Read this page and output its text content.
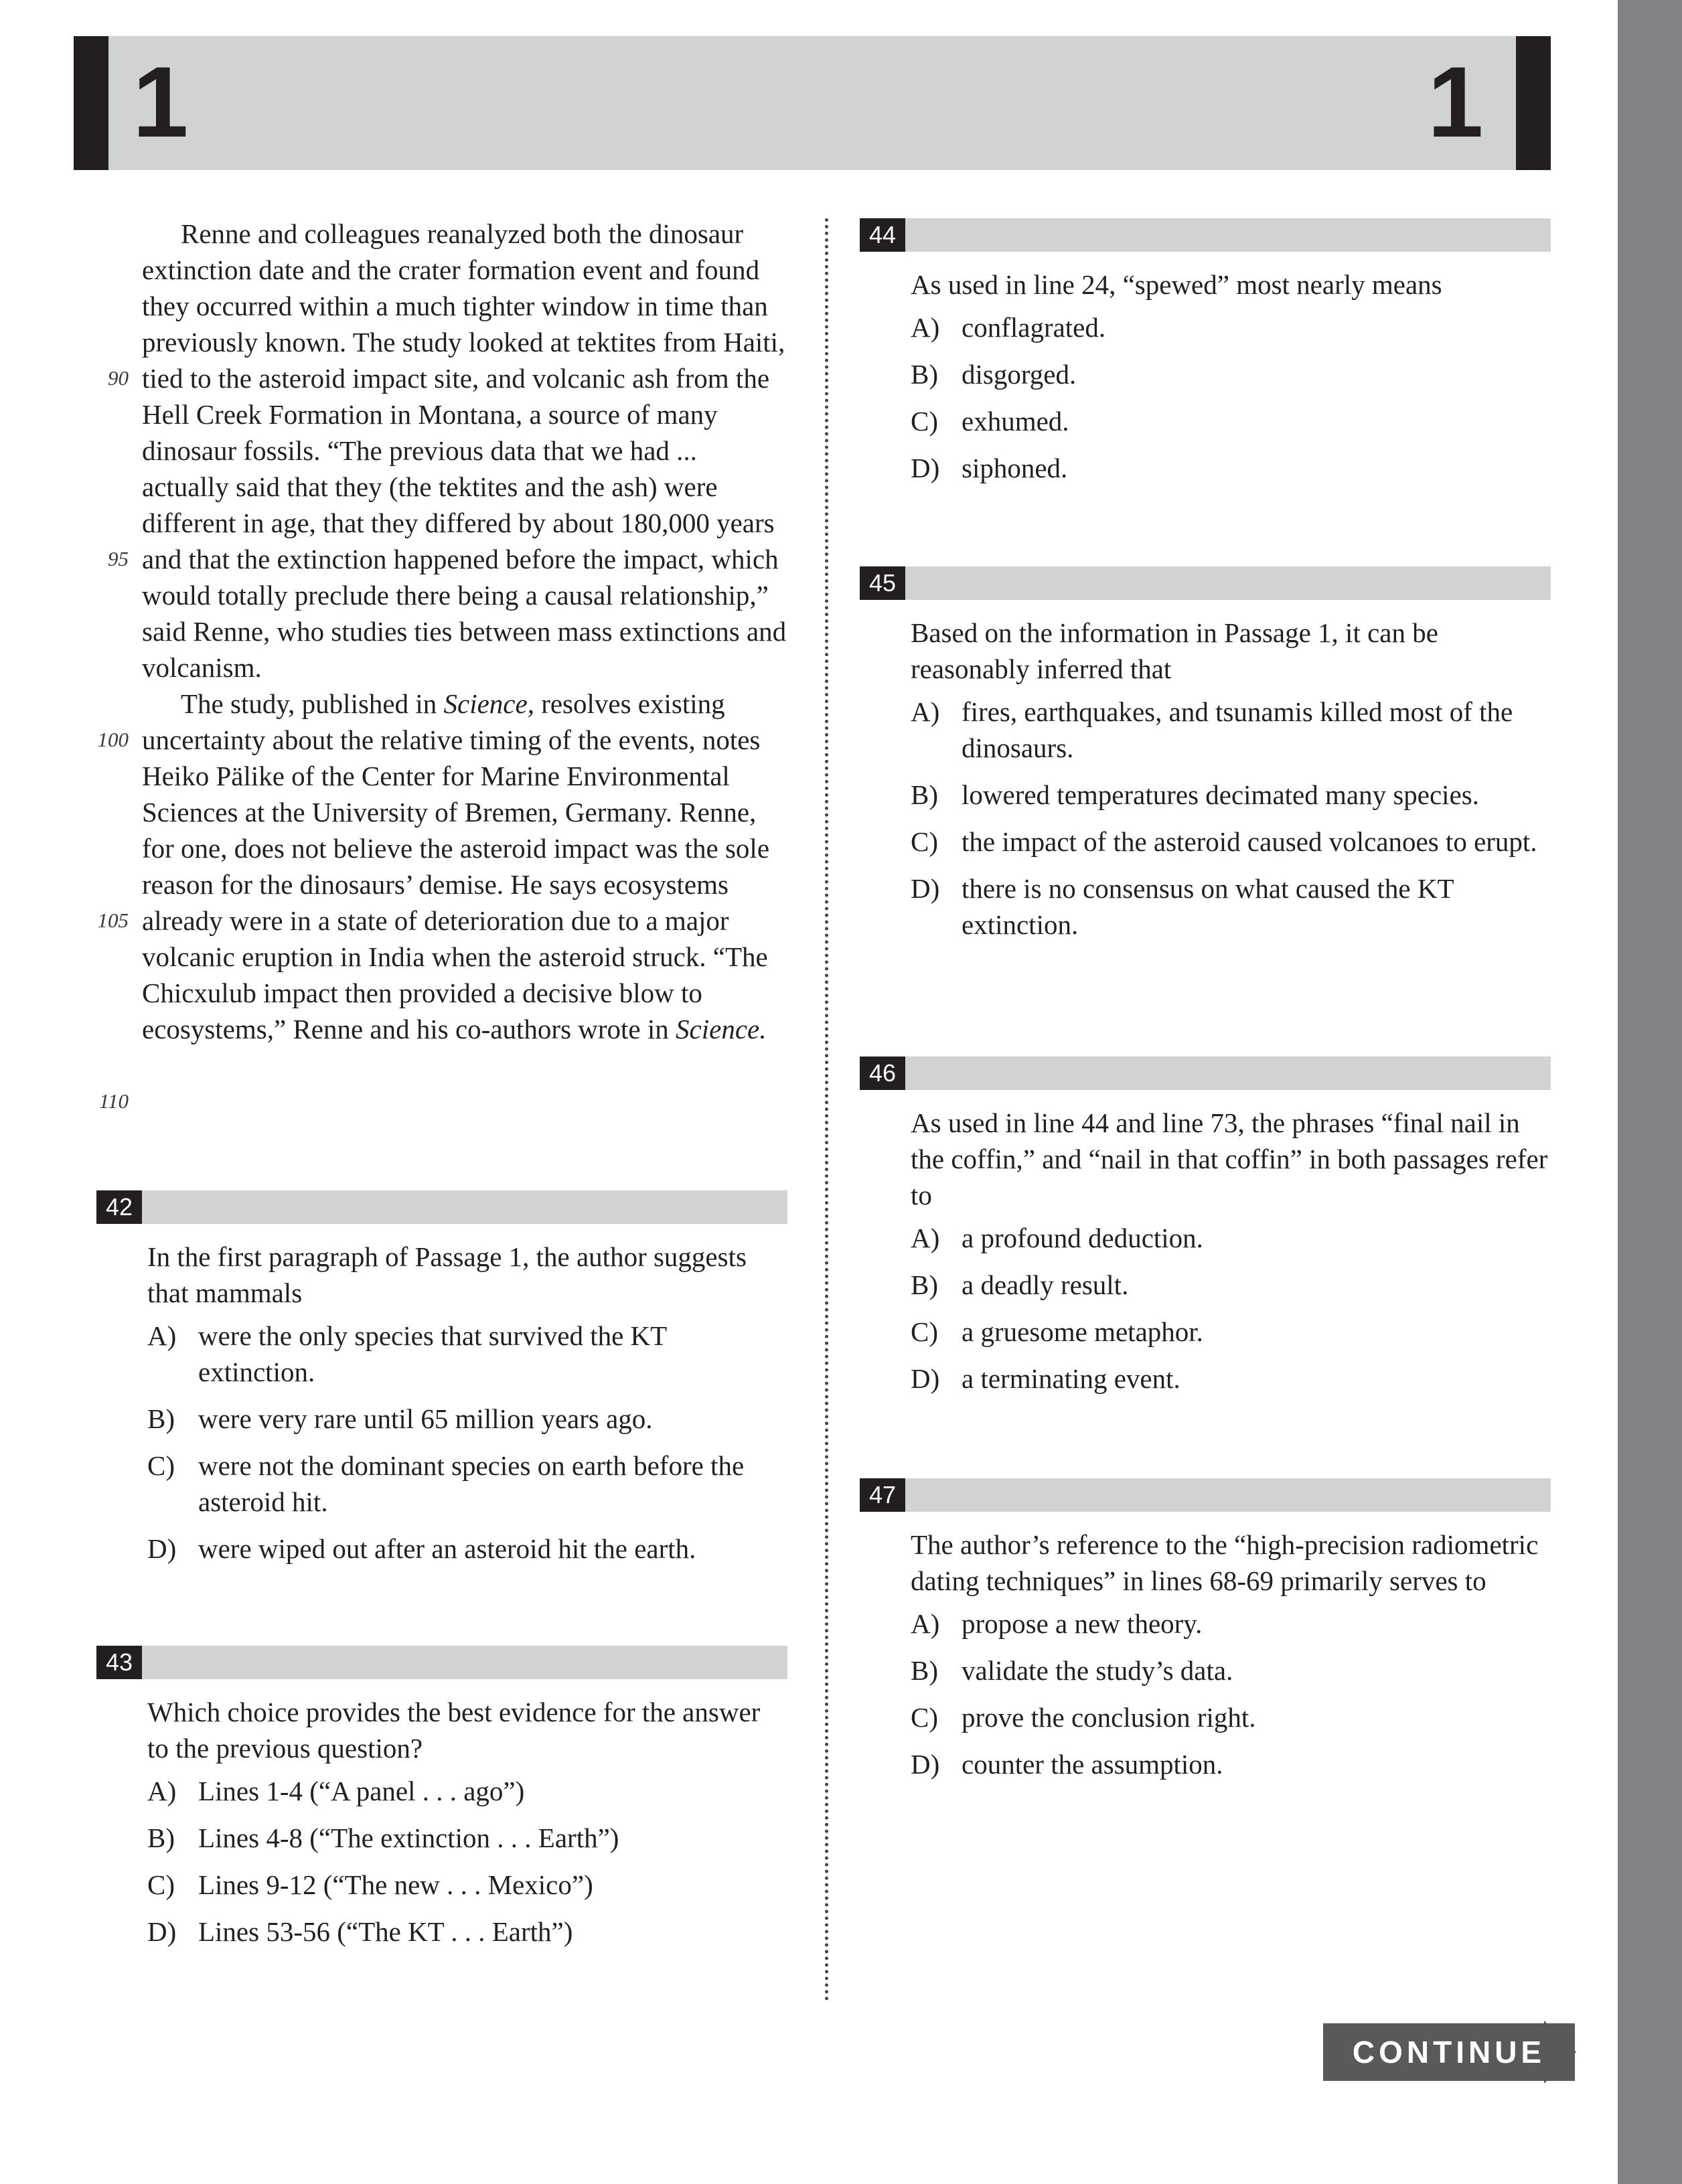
1	1

Renne and colleagues reanalyzed both the dinosaur extinction date and the crater formation event and found they occurred within a much tighter window in time than previously known. The study looked at tektites from Haiti, tied to the asteroid impact site, and volcanic ash from the Hell Creek Formation in Montana, a source of many dinosaur fossils. “The previous data that we had ... actually said that they (the tektites and the ash) were different in age, that they differed by about 180,000 years and that the extinction happened before the impact, which would totally preclude there being a causal relationship,” said Renne, who studies ties between mass extinctions and volcanism.

The study, published in Science, resolves existing uncertainty about the relative timing of the events, notes Heiko Pälike of the Center for Marine Environmental Sciences at the University of Bremen, Germany. Renne, for one, does not believe the asteroid impact was the sole reason for the dinosaurs’ demise. He says ecosystems already were in a state of deterioration due to a major volcanic eruption in India when the asteroid struck. “The Chicxulub impact then provided a decisive blow to ecosystems,” Renne and his co-authors wrote in Science.

90
95
100
105
110
42
In the first paragraph of Passage 1, the author suggests that mammals
A) were the only species that survived the KT extinction.
B) were very rare until 65 million years ago.
C) were not the dominant species on earth before the asteroid hit.
D) were wiped out after an asteroid hit the earth.
43
Which choice provides the best evidence for the answer to the previous question?
A) Lines 1-4 (“A panel . . . ago”)
B) Lines 4-8 (“The extinction . . . Earth”)
C) Lines 9-12 (“The new . . . Mexico”)
D) Lines 53-56 (“The KT . . . Earth”)
44
As used in line 24, “spewed” most nearly means
A) conflagrated.
B) disgorged.
C) exhumed.
D) siphoned.
45
Based on the information in Passage 1, it can be reasonably inferred that
A) fires, earthquakes, and tsunamis killed most of the dinosaurs.
B) lowered temperatures decimated many species.
C) the impact of the asteroid caused volcanoes to erupt.
D) there is no consensus on what caused the KT extinction.
46
As used in line 44 and line 73, the phrases “final nail in the coffin,” and “nail in that coffin” in both passages refer to
A) a profound deduction.
B) a deadly result.
C) a gruesome metaphor.
D) a terminating event.
47
The author’s reference to the “high-precision radiometric dating techniques” in lines 68-69 primarily serves to
A) propose a new theory.
B) validate the study’s data.
C) prove the conclusion right.
D) counter the assumption.
CONTINUE
